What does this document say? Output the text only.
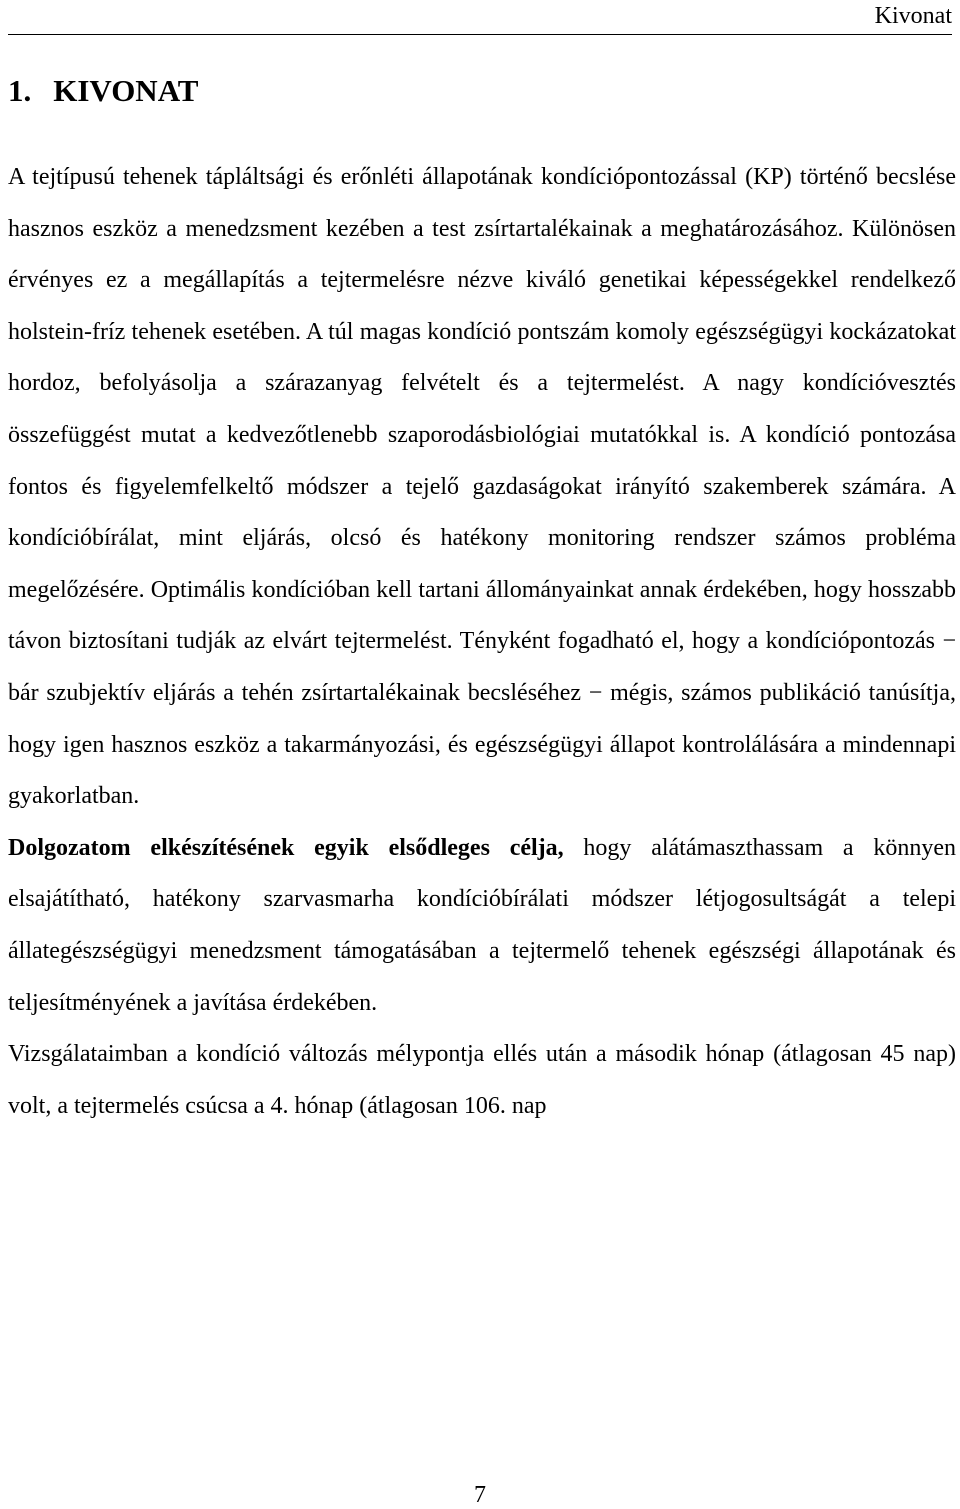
Kivonat
1. KIVONAT

A tejtípusú tehenek tápláltsági és erőnléti állapotának kondíciópontozással (KP) történő becslése hasznos eszköz a menedzsment kezében a test zsírtartalékainak a meghatározásához. Különösen érvényes ez a megállapítás a tejtermelésre nézve kiváló genetikai képességekkel rendelkező holstein-fríz tehenek esetében. A túl magas kondíció pontszám komoly egészségügyi kockázatokat hordoz, befolyásolja a szárazanyag felvételt és a tejtermelést. A nagy kondícióvesztés összefüggést mutat a kedvezőtlenebb szaporodásbiológiai mutatókkal is. A kondíció pontozása fontos és figyelemfelkeltő módszer a tejelő gazdaságokat irányító szakemberek számára. A kondícióbírálat, mint eljárás, olcsó és hatékony monitoring rendszer számos probléma megelőzésére. Optimális kondícióban kell tartani állományainkat annak érdekében, hogy hosszabb távon biztosítani tudják az elvárt tejtermelést. Tényként fogadható el, hogy a kondíciópontozás − bár szubjektív eljárás a tehén zsírtartalékainak becsléséhez − mégis, számos publikáció tanúsítja, hogy igen hasznos eszköz a takarmányozási, és egészségügyi állapot kontrolálására a mindennapi gyakorlatban.

Dolgozatom elkészítésének egyik elsődleges célja, hogy alátámaszthassam a könnyen elsajátítható, hatékony szarvasmarha kondícióbírálati módszer létjogosultságát a telepi állategészségügyi menedzsment támogatásában a tejtermelő tehenek egészségi állapotának és teljesítményének a javítása érdekében.

Vizsgálataimban a kondíció változás mélypontja ellés után a második hónap (átlagosan 45 nap) volt, a tejtermelés csúcsa a 4. hónap (átlagosan 106. nap

7
